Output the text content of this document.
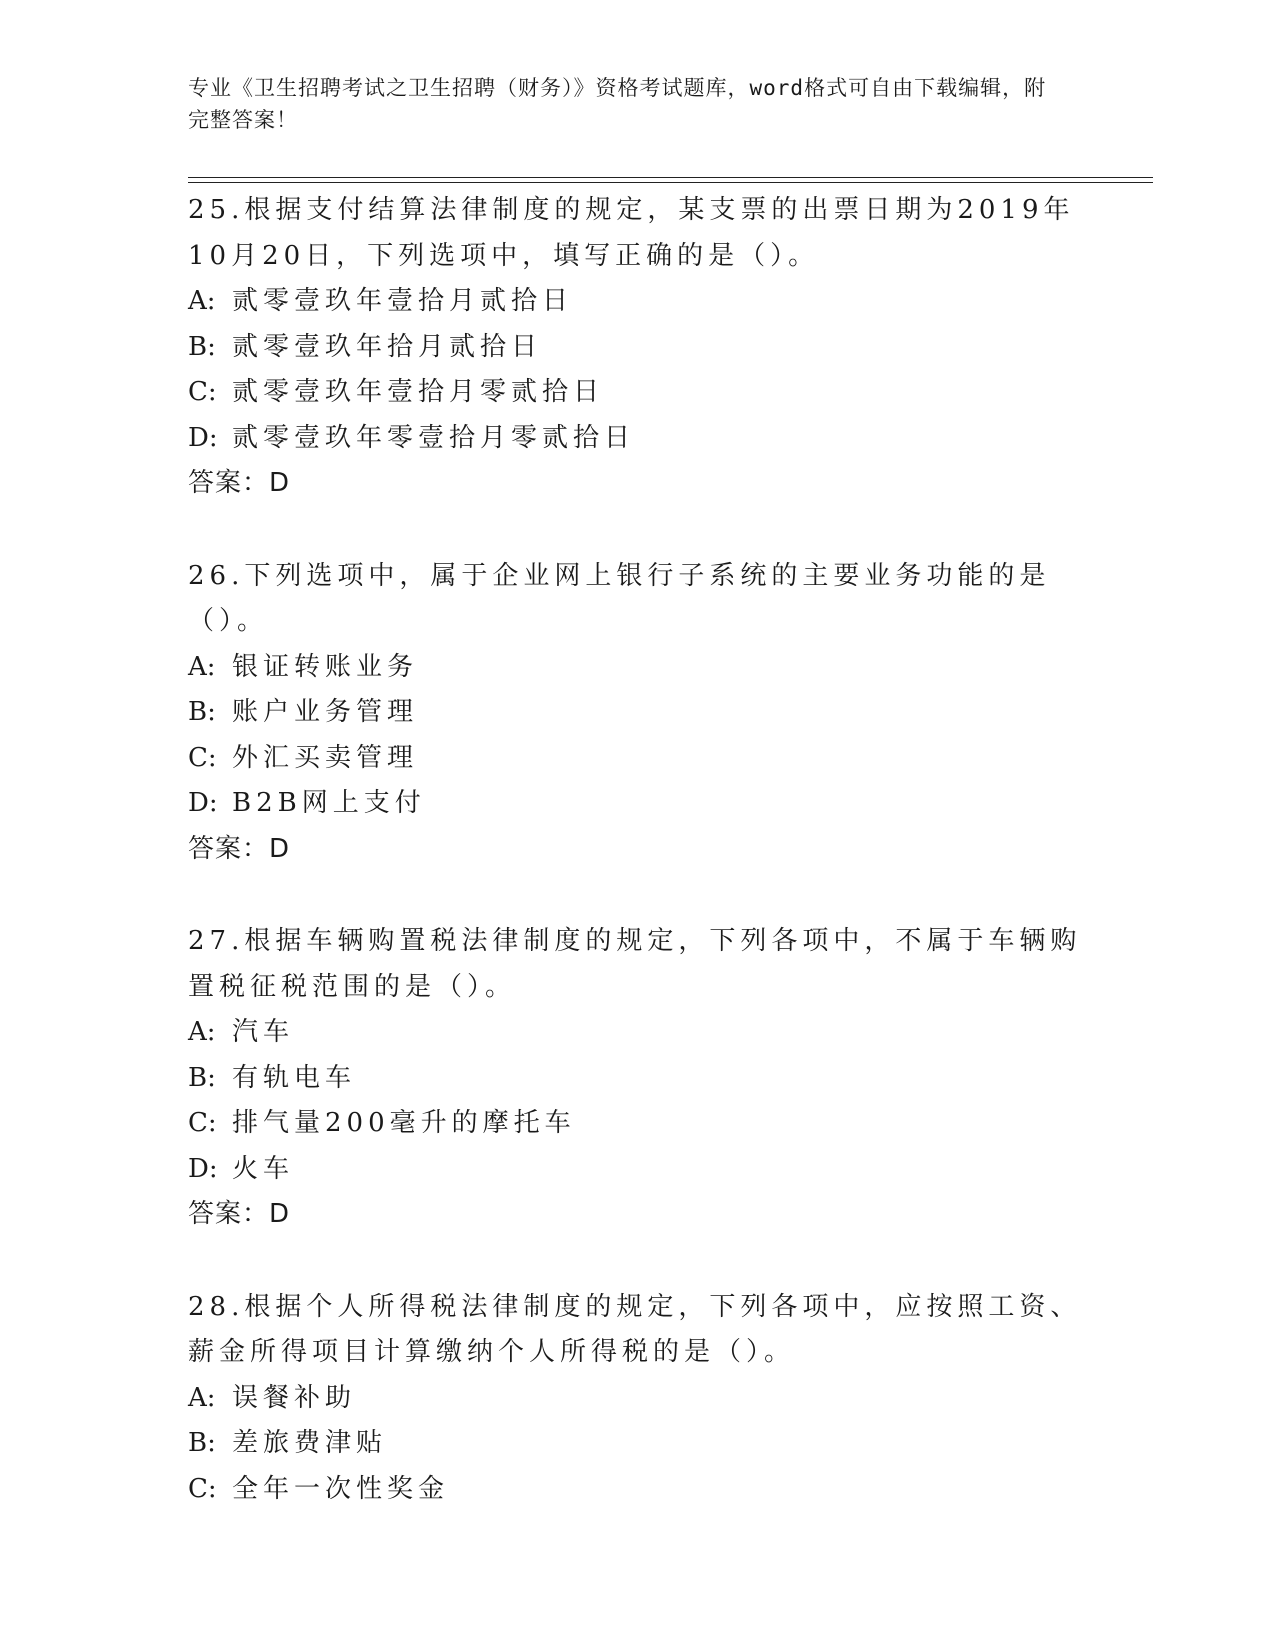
专业《卫生招聘考试之卫生招聘（财务）》资格考试题库，word格式可自由下载编辑，附完整答案！

25.根据支付结算法律制度的规定，某支票的出票日期为2019年10月20日，下列选项中，填写正确的是（）。

A: 贰零壹玖年壹拾月贰拾日
B: 贰零壹玖年拾月贰拾日
C: 贰零壹玖年壹拾月零贰拾日
D: 贰零壹玖年零壹拾月零贰拾日
答案：D

26.下列选项中，属于企业网上银行子系统的主要业务功能的是（）。

A: 银证转账业务
B: 账户业务管理
C: 外汇买卖管理
D: B2B网上支付
答案：D

27.根据车辆购置税法律制度的规定，下列各项中，不属于车辆购置税征税范围的是（）。

A: 汽车
B: 有轨电车
C: 排气量200毫升的摩托车
D: 火车
答案：D

28.根据个人所得税法律制度的规定，下列各项中，应按照工资、薪金所得项目计算缴纳个人所得税的是（）。

A: 误餐补助
B: 差旅费津贴
C: 全年一次性奖金
